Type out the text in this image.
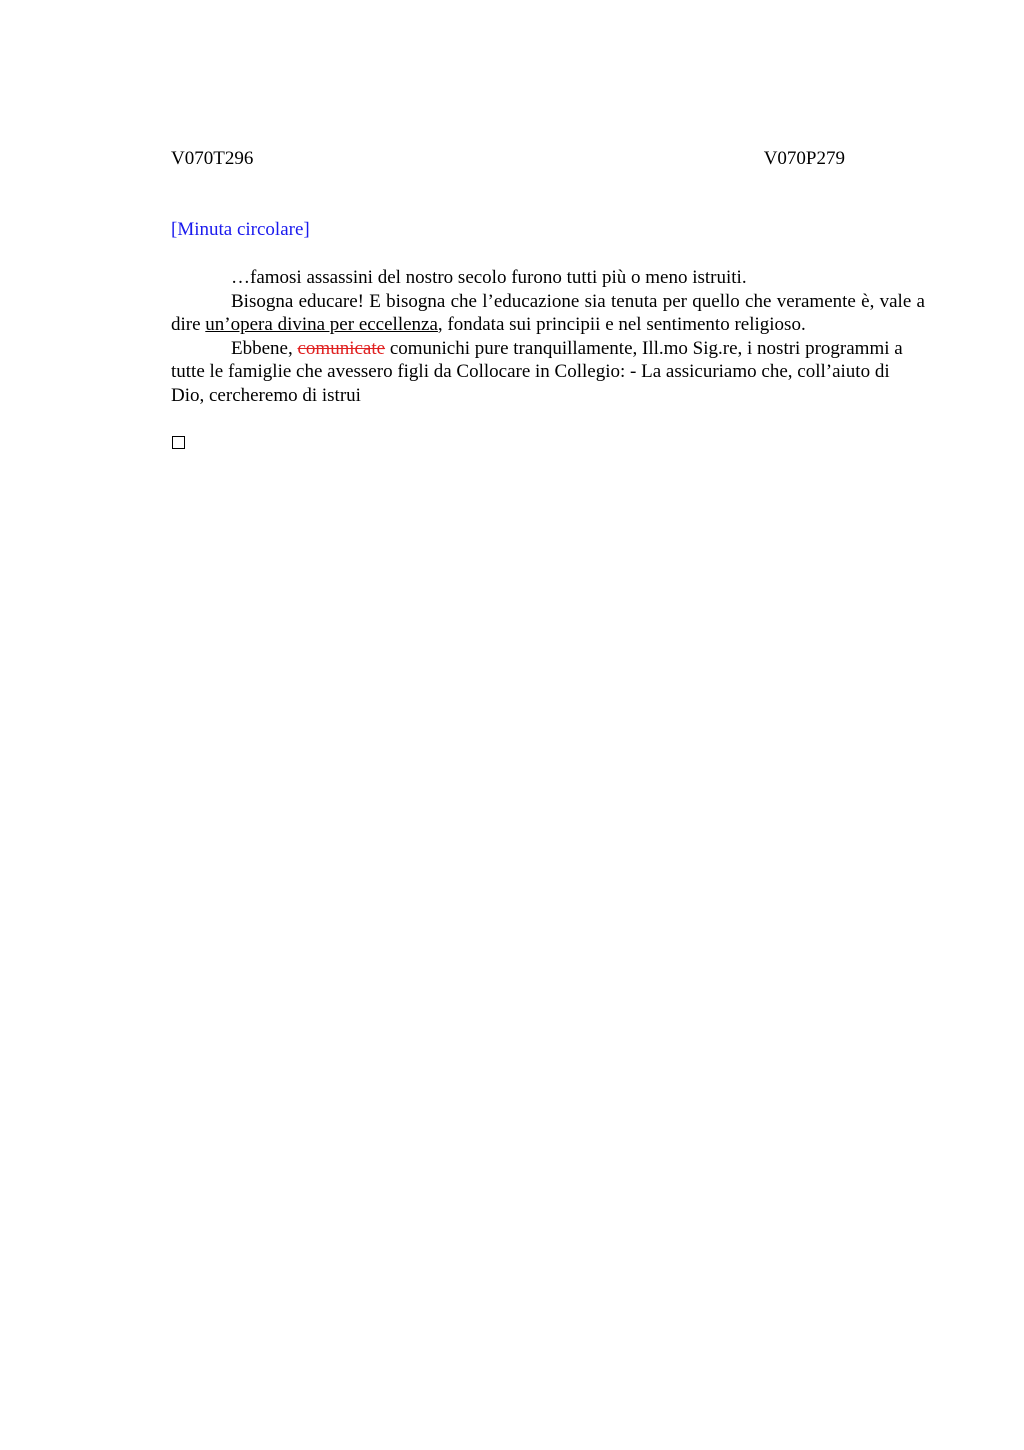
V070T296	V070P279
[Minuta circolare]

…famosi assassini del nostro secolo furono tutti più o meno istruiti.

Bisogna educare! E bisogna che l’educazione sia tenuta per quello che veramente è, vale a dire un’opera divina per eccellenza, fondata sui principii e nel sentimento religioso.

Ebbene, comunicate comunichi pure tranquillamente, Ill.mo Sig.re, i nostri programmi a tutte le famiglie che avessero figli da Collocare in Collegio: - La assicuriamo che, coll’aiuto di Dio, cercheremo di istrui
